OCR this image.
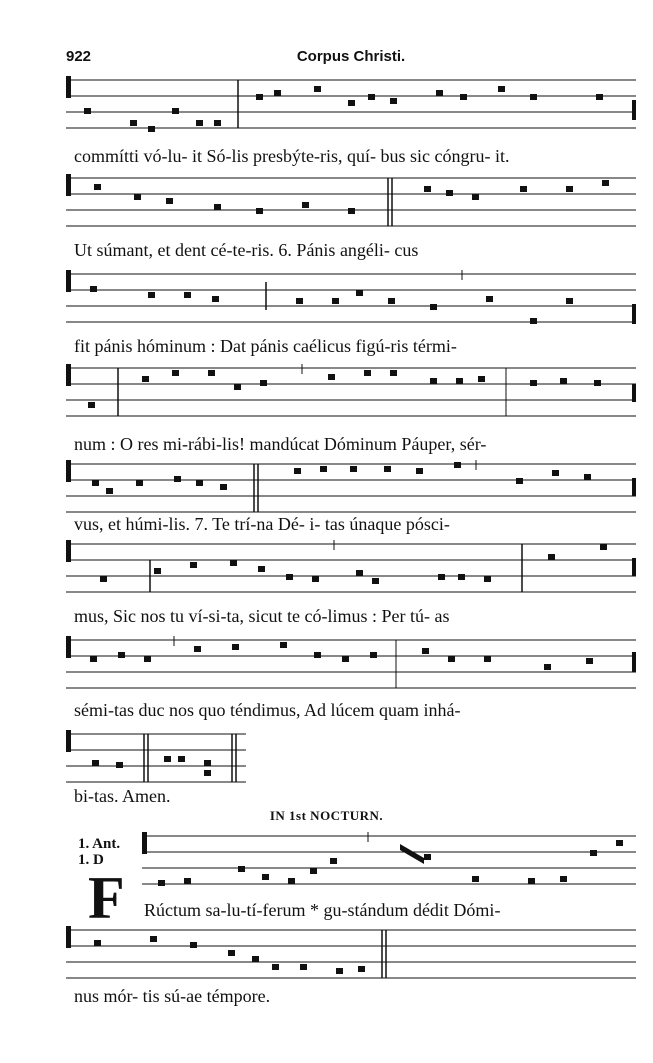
922	Corpus Christi.
commítti vó-lu- it Só-lis presbýte-ris, quí- bus sic cóngru- it.
Ut súmant, et dent cé-te-ris. 6. Pánis angéli- cus
fit pánis hóminum : Dat pánis caélicus figú-ris térmi-
num : O res mi-rábi-lis! mandúcat Dóminum Páuper, sér-
vus, et húmi-lis. 7. Te trí-na Dé- i- tas únaque pósci-
mus, Sic nos tu ví-si-ta, sicut te có-limus : Per tú- as
sémi-tas duc nos quo téndimus, Ad lúcem quam inhá-
bi-tas. Amen.
IN 1st NOCTURN.
1. Ant.
1. D
F Rúctum sa-lu-tí-ferum * gu-stándum dédit Dómi-
nus mór- tis sú-ae témpore.
